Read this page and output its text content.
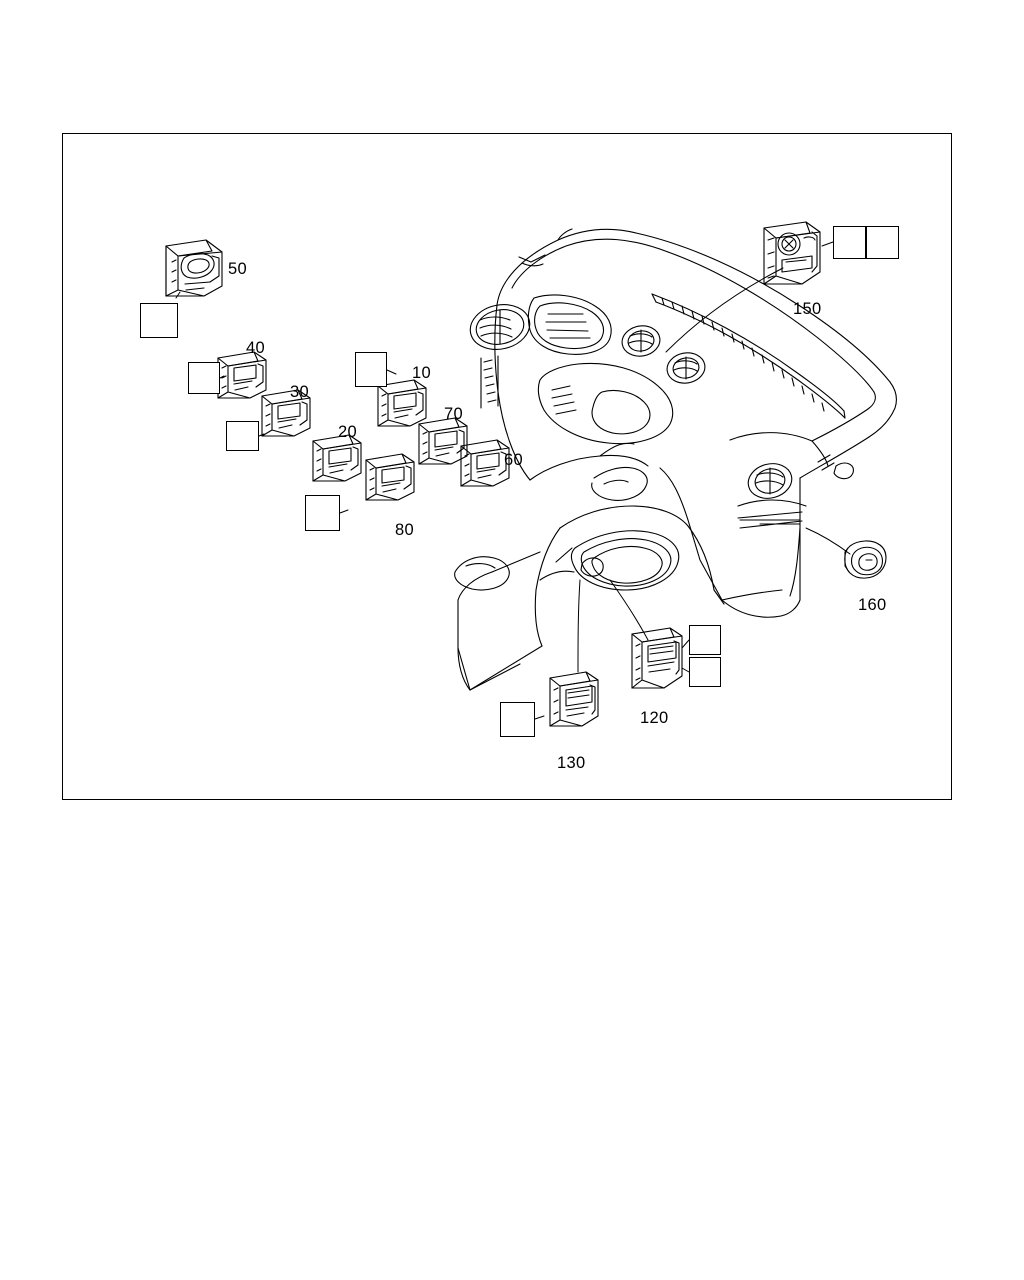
10
20
30
40
50
60
70
80
120
130
150
160
